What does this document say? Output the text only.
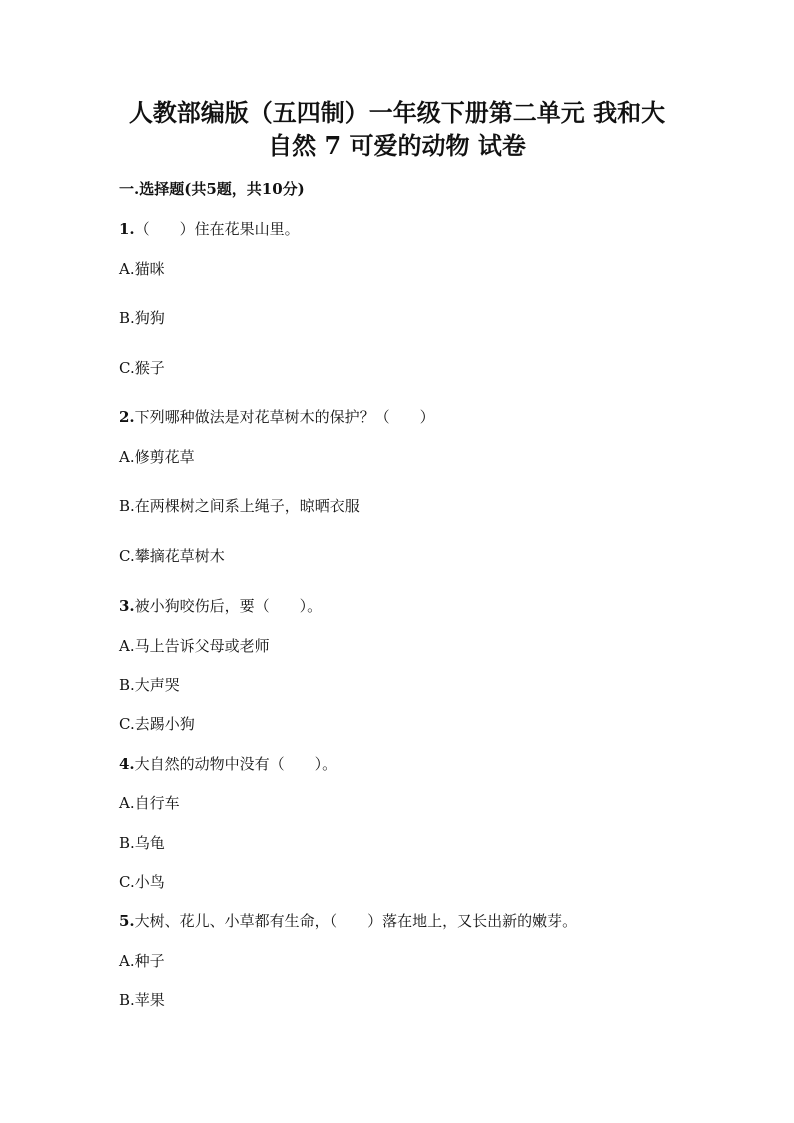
人教部编版（五四制）一年级下册第二单元 我和大
自然 7 可爱的动物 试卷
一.选择题(共5题，共10分)
1.（　　）住在花果山里。
A.猫咪
B.狗狗
C.猴子
2.下列哪种做法是对花草树木的保护？（　　）
A.修剪花草
B.在两棵树之间系上绳子，晾晒衣服
C.攀摘花草树木
3.被小狗咬伤后，要（　　）。
A.马上告诉父母或老师
B.大声哭
C.去踢小狗
4.大自然的动物中没有（　　）。
A.自行车
B.乌龟
C.小鸟
5.大树、花儿、小草都有生命，（　　）落在地上，又长出新的嫩芽。
A.种子
B.苹果
